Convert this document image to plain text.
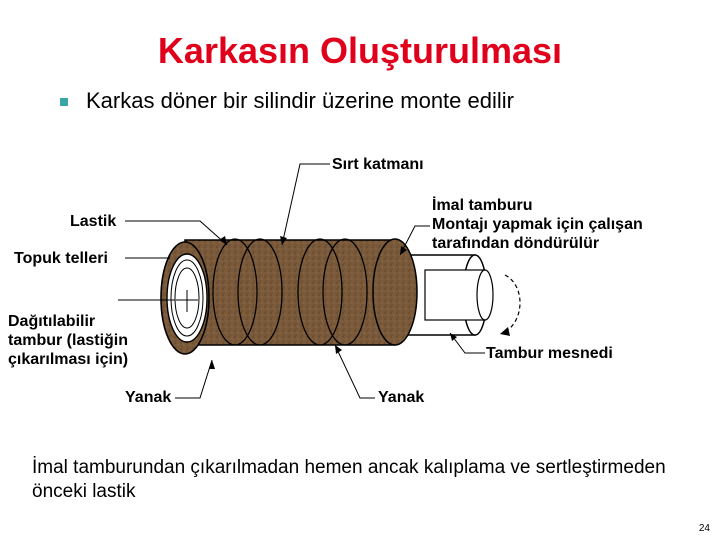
Karkasın Oluşturulması
Karkas döner bir silindir üzerine monte edilir
Sırt katmanı
İmal tamburu
Montajı yapmak için çalışan
tarafından döndürülür
Lastik
Topuk telleri
Dağıtılabilir
tambur (lastiğin
çıkarılması için)	Tambur mesnedi
Yanak	Yanak
İmal tamburundan çıkarılmadan hemen ancak kalıplama ve sertleştirmeden önceki lastik
24
